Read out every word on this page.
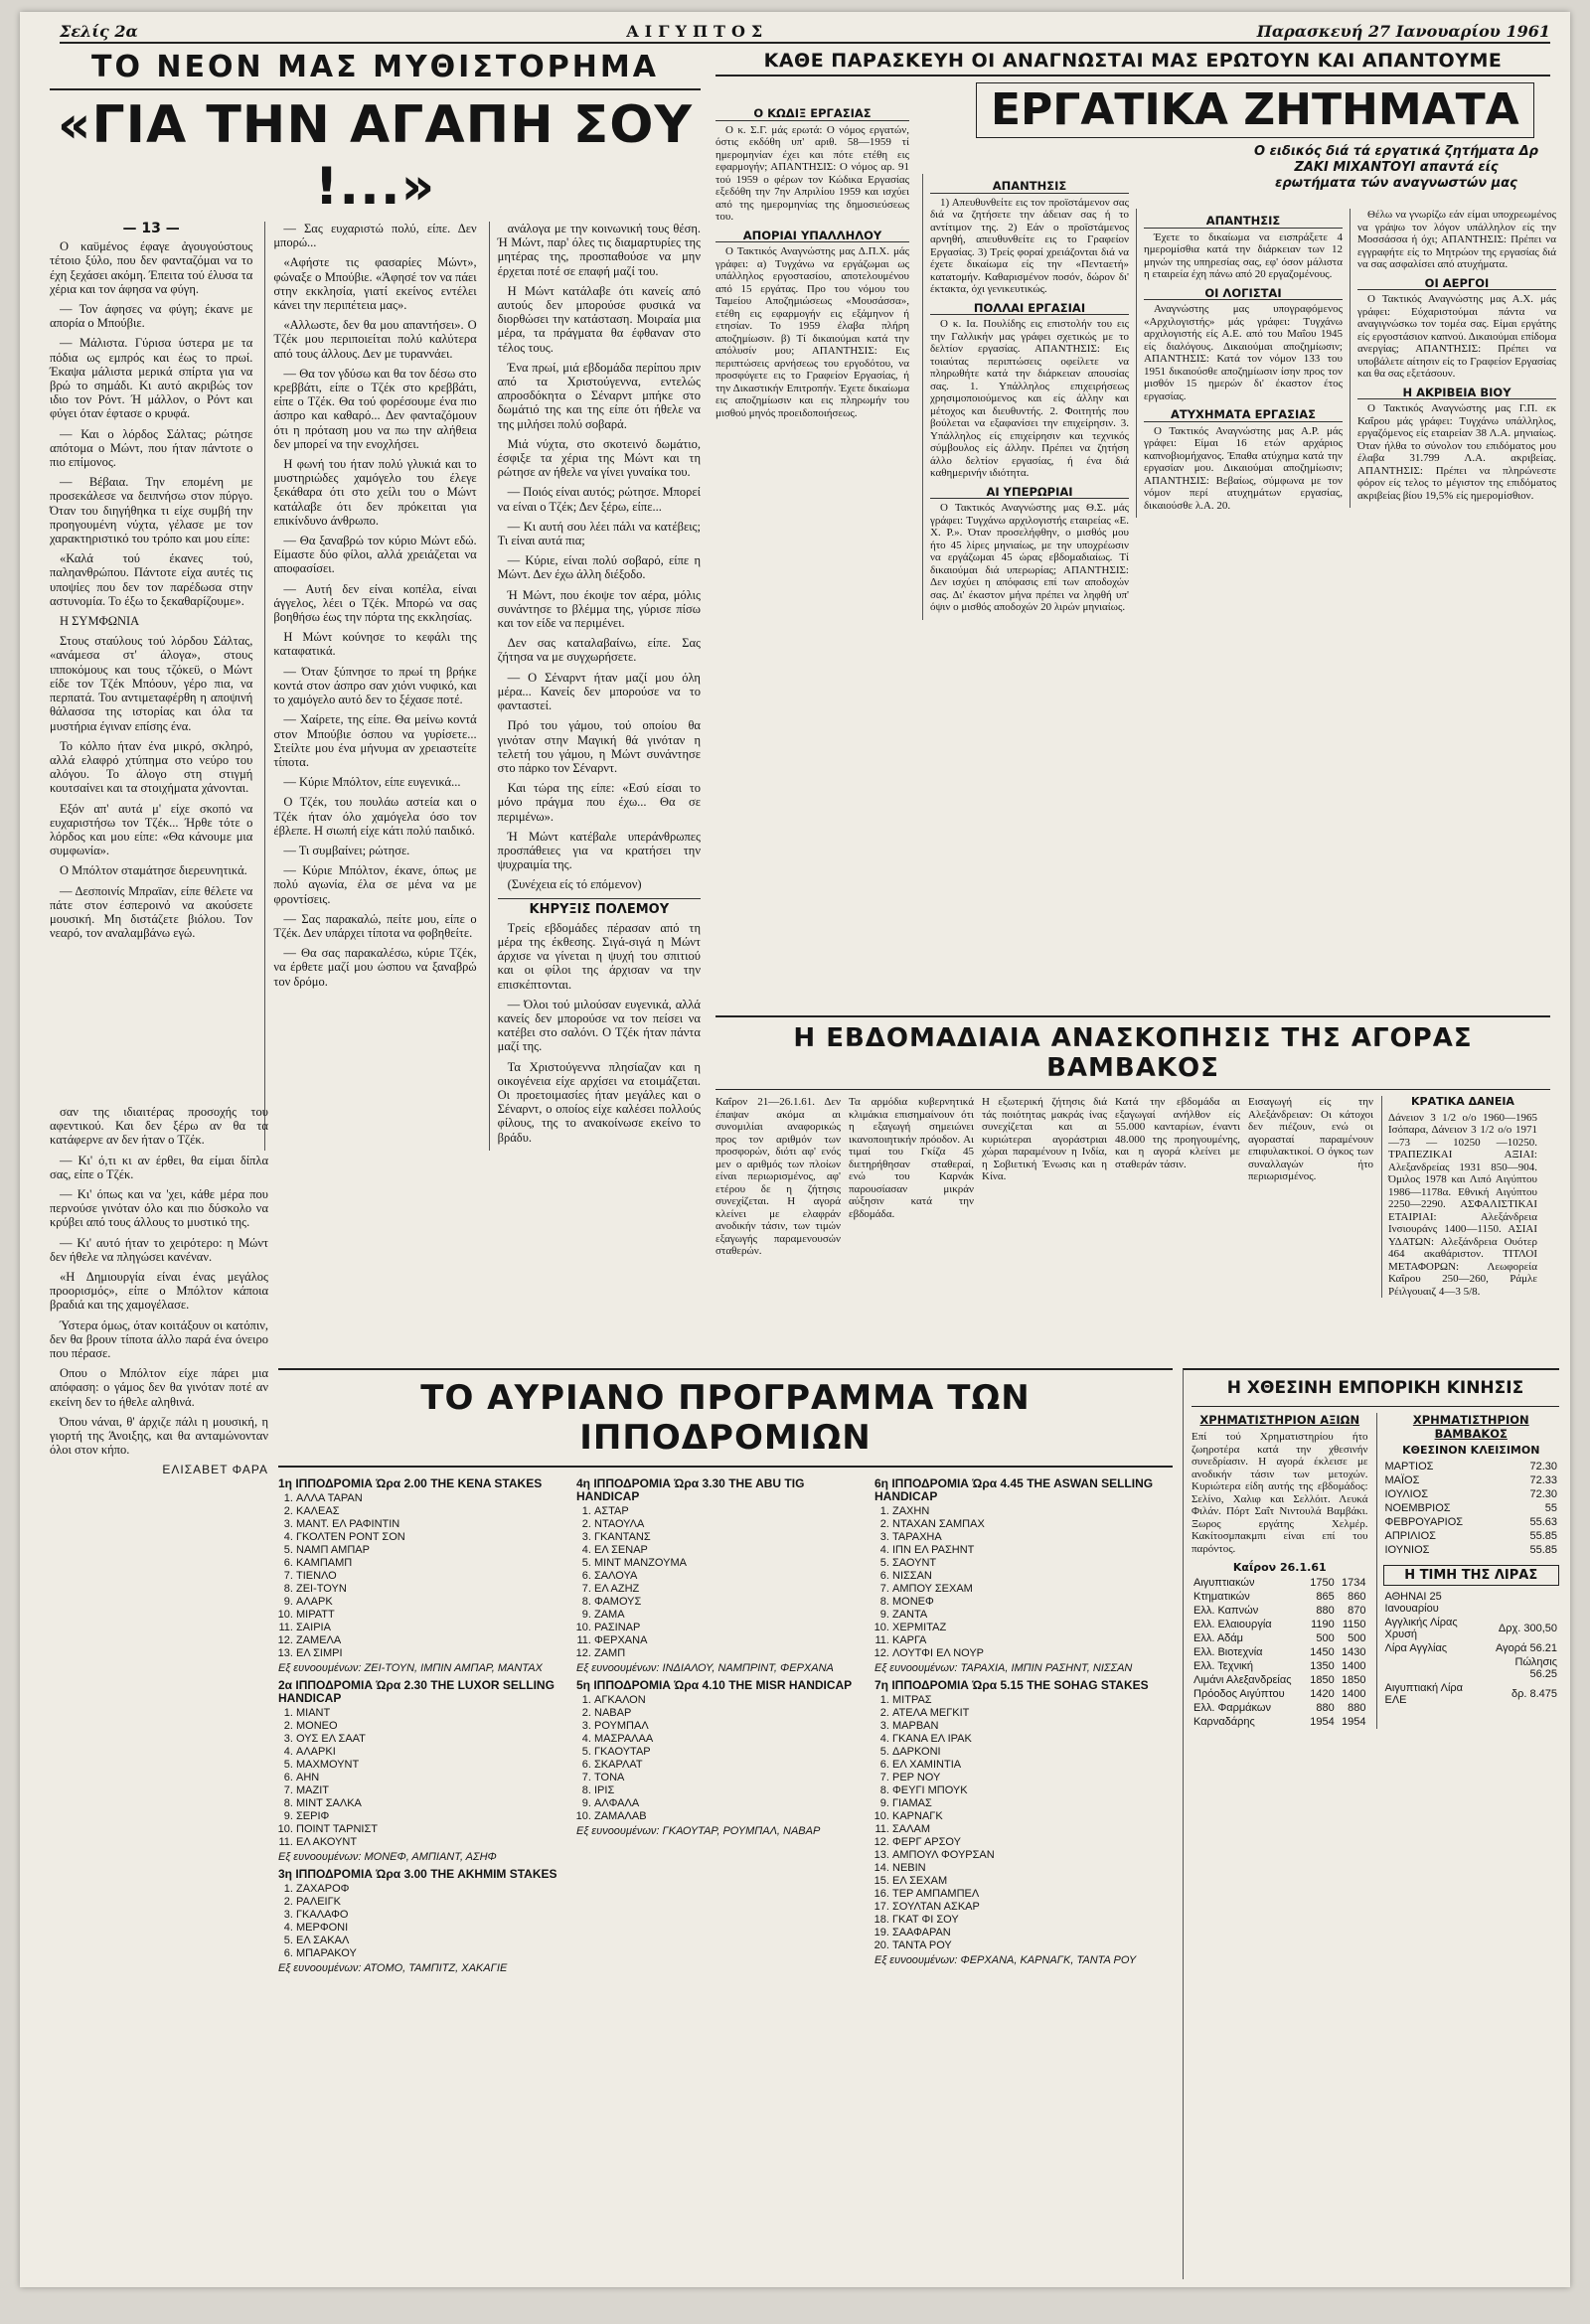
Σελίς 2α	ΑΙΓΥΠΤΟΣ	Παρασκευή 27 Ιανουαρίου 1961
ΤΟ ΝΕΟΝ ΜΑΣ ΜΥΘΙΣΤΟΡΗΜΑ
«ΓΙΑ ΤΗΝ ΑΓΑΠΗ ΣΟΥ !...»
— 13 —

Ο καϋμένος έφαγε ἀγουγούστους τέτοιο ξύλο, που δεν φανταζόμαι να το έχη ξεχάσει ακόμη. Έπειτα τού έλυσα τα χέρια και τον άφησα να φύγη.

— Τον άφησες να φύγη; έκανε με απορία ο Μπούβιε.

— Μάλιστα. Γύρισα ύστερα με τα πόδια ως εμπρός και έως το πρωί. Έκαψα μάλιστα μερικά σπίρτα για να βρώ το σημάδι. Κι αυτό ακριβώς τον ιδιο τον Ρόντ. Ή μάλλον, ο Ρόντ και φύγει όταν έφτασε ο κρυφά.

— Και ο λόρδος Σάλτας; ρώτησε απότομα ο Μώντ, που ήταν πάντοτε ο πιο επίμονος.

— Βέβαια. Την επομένη με προσεκάλεσε να δειπνήσω στον πύργο. Όταν του διηγήθηκα τι είχε συμβή την προηγουμένη νύχτα, γέλασε με τον χαρακτηριστικό του τρόπο και μου είπε:

«Καλά τού έκανες τού, παληανθρώπου. Πάντοτε είχα αυτές τις υποψίες που δεν τον παρέδωσα στην αστυνομία. Το έξω το ξεκαθαρίζουμε».

Η ΣΥΜΦΩΝΙΑ

Στους σταύλους τού λόρδου Σάλτας, «ανάμεσα στ' άλογα», στους ιπποκόμους και τους τζόκεϋ, ο Μώντ είδε τον Τζέκ Μπόουν, γέρο πια, να περπατά. Του αντιμεταφέρθη η αποψινή θάλασσα της ιστορίας και όλα τα μυστήρια έγιναν επίσης ένα.

Το κόλπο ήταν ένα μικρό, σκληρό, αλλά ελαφρό χτύπημα στο νεύρο του αλόγου. Το άλογο στη στιγμή κουτσαίνει και τα στοιχήματα χάνονται.

Εξόν απ' αυτά μ' είχε σκοπό να ευχαριστήσω τον Τζέκ... Ήρθε τότε ο λόρδος και μου είπε: «Θα κάνουμε μια συμφωνία».

Ο Μπόλτον σταμάτησε διερευνητικά.

— Δεσποινίς Μπραϊαν, είπε θέλετε να πάτε στον έσπεροινό να ακούσετε μουσική. Μη διστάζετε βιόλου. Τον νεαρό, τον αναλαμβάνω εγώ.

— Σας ευχαριστώ πολύ, είπε. Δεν μπορώ...

«Αφήστε τις φασαρίες Μώντ», φώναξε ο Μπούβιε. «Άφησέ τον να πάει στην εκκλησία, γιατί εκείνος εντέλει κάνει την περιπέτεια μας».

«Αλλωστε, δεν θα μου απαντήσει». Ο Τζέκ μου περιποιείται πολύ καλύτερα από τους άλλους. Δεν με τυραννάει.

— Θα τον γδύσω και θα τον δέσω στο κρεββάτι, είπε ο Τζέκ στο κρεββάτι, είπε ο Τζέκ. Θα τού φορέσουμε ένα πιο άσπρο και καθαρό... Δεν φανταζόμουν ότι η πρόταση μου να πω την αλήθεια δεν μπορεί να την ενοχλήσει.

Η φωνή του ήταν πολύ γλυκιά και το μυστηριώδες χαμόγελο του έλεγε ξεκάθαρα ότι στο χείλι του ο Μώντ κατάλαβε ότι δεν πρόκειται για επικίνδυνο άνθρωπο.

— Θα ξαναβρώ τον κύριο Μώντ εδώ. Είμαστε δύο φίλοι, αλλά χρειάζεται να αποφασίσει.

— Αυτή δεν είναι κοπέλα, είναι άγγελος, λέει ο Τζέκ. Μπορώ να σας βοηθήσω έως την πόρτα της εκκλησίας.

Η Μώντ κούνησε το κεφάλι της καταφατικά.

— Όταν ξύπνησε το πρωί τη βρήκε κοντά στον άσπρο σαν χιόνι νυφικό, και το χαμόγελο αυτό δεν το ξέχασε ποτέ.

— Χαίρετε, της είπε. Θα μείνω κοντά στον Μπούβιε όσπου να γυρίσετε... Στείλτε μου ένα μήνυμα αν χρειαστείτε τίποτα.

— Κύριε Μπόλτον, είπε ευγενικά...

Ο Τζέκ, του πουλάω αστεία και ο Τζέκ ήταν όλο χαμόγελα όσο τον έβλεπε. Η σιωπή είχε κάτι πολύ παιδικό.

— Τι συμβαίνει; ρώτησε.

— Κύριε Μπόλτον, έκανε, όπως με πολύ αγωνία, έλα σε μένα να με φροντίσεις.

— Σας παρακαλώ, πείτε μου, είπε ο Τζέκ. Δεν υπάρχει τίποτα να φοβηθείτε.

— Θα σας παρακαλέσω, κύριε Τζέκ, να έρθετε μαζί μου ώσπου να ξαναβρώ τον δρόμο.

ανάλογα με την κοινωνική τους θέση. Ή Μώντ, παρ' όλες τις διαμαρτυρίες της μητέρας της, προσπαθούσε να μην έρχεται ποτέ σε επαφή μαζί του.

Η Μώντ κατάλαβε ότι κανείς από αυτούς δεν μπορούσε φυσικά να διορθώσει την κατάσταση. Μοιραία μια μέρα, τα πράγματα θα έφθαναν στο τέλος τους.

Ένα πρωί, μιά εβδομάδα περίπου πριν από τα Χριστούγεννα, εντελώς απροσδόκητα ο Σέναρντ μπήκε στο δωμάτιό της και της είπε ότι ήθελε να της μιλήσει πολύ σοβαρά.

Μιά νύχτα, στο σκοτεινό δωμάτιο, έσφιξε τα χέρια της Μώντ και τη ρώτησε αν ήθελε να γίνει γυναίκα του.

— Ποιός είναι αυτός; ρώτησε. Μπορεί να είναι ο Τζέκ; Δεν ξέρω, είπε...

— Κι αυτή σου λέει πάλι να κατέβεις; Τι είναι αυτά πια;

— Κύριε, είναι πολύ σοβαρό, είπε η Μώντ. Δεν έχω άλλη διέξοδο.

Ή Μώντ, που έκοψε τον αέρα, μόλις συνάντησε το βλέμμα της, γύρισε πίσω και τον είδε να περιμένει.

Δεν σας καταλαβαίνω, είπε. Σας ζήτησα να με συγχωρήσετε.

— Ο Σέναρντ ήταν μαζί μου όλη μέρα... Κανείς δεν μπορούσε να το φανταστεί.

Πρό του γάμου, τού οποίου θα γινόταν στην Μαγική θά γινόταν η τελετή του γάμου, η Μώντ συνάντησε στο πάρκο τον Σέναρντ.

Και τώρα της είπε: «Εσύ είσαι το μόνο πράγμα που έχω... Θα σε περιμένω».

Ή Μώντ κατέβαλε υπεράνθρωπες προσπάθειες για να κρατήσει την ψυχραιμία της.

(Συνέχεια είς τό επόμενον)

ΚΗΡΥΞΙΣ ΠΟΛΕΜΟΥ

Τρείς εβδομάδες πέρασαν από τη μέρα της έκθεσης. Σιγά-σιγά η Μώντ άρχισε να γίνεται η ψυχή του σπιτιού και οι φίλοι της άρχισαν να την επισκέπτονται.

— Όλοι τού μιλούσαν ευγενικά, αλλά κανείς δεν μπορούσε να τον πείσει να κατέβει στο σαλόνι. Ο Τζέκ ήταν πάντα μαζί της.

Τα Χριστούγεννα πλησίαζαν και η οικογένεια είχε αρχίσει να ετοιμάζεται. Οι προετοιμασίες ήταν μεγάλες και ο Σέναρντ, ο οποίος είχε καλέσει πολλούς φίλους, της το ανακοίνωσε εκείνο το βράδυ.

σαν της ιδιαιτέρας προσοχής του αφεντικού. Και δεν ξέρω αν θα τα κατάφερνε αν δεν ήταν ο Τζέκ.

— Κι' ό,τι κι αν έρθει, θα είμαι δίπλα σας, είπε ο Τζέκ.

— Κι' όπως και να 'χει, κάθε μέρα που περνούσε γινόταν όλο και πιο δύσκολο να κρύβει από τους άλλους το μυστικό της.

— Κι' αυτό ήταν το χειρότερο: η Μώντ δεν ήθελε να πληγώσει κανέναν.

«Η Δημιουργία είναι ένας μεγάλος προορισμός», είπε ο Μπόλτον κάποια βραδιά και της χαμογέλασε.

Ύστερα όμως, όταν κοιτάξουν οι κατόπιν, δεν θα βρουν τίποτα άλλο παρά ένα όνειρο που πέρασε.

Οπου ο Μπόλτον είχε πάρει μια απόφαση: ο γάμος δεν θα γινόταν ποτέ αν εκείνη δεν το ήθελε αληθινά.

Όπου νάναι, θ' άρχιζε πάλι η μουσική, η γιορτή της Άνοιξης, και θα ανταμώνονταν όλοι στον κήπο.

ΕΛΙΣΑΒΕΤ ΦΑΡΑ
ΚΑΘΕ ΠΑΡΑΣΚΕΥΗ ΟΙ ΑΝΑΓΝΩΣΤΑΙ ΜΑΣ ΕΡΩΤΟΥΝ ΚΑΙ ΑΠΑΝΤΟΥΜΕ
ΕΡΓΑΤΙΚΑ ΖΗΤΗΜΑΤΑ
Ο ειδικός διά τά εργατικά ζητήματα Δρ ΖΑΚΙ ΜΙΧΑΝΤΟΥΙ απαντά είς ερωτήματα τών αναγνωστών μας
Ο ΚΩΔΙΞ ΕΡΓΑΣΙΑΣ

Ο κ. Σ.Γ. μάς ερωτά: Ο νόμος εργατών, όστις εκδόθη υπ' αριθ. 58—1959 τί ημερομηνίαν έχει και πότε ετέθη εις εφαρμογήν; ΑΠΑΝΤΗΣΙΣ: Ο νόμος αρ. 91 τού 1959 ο φέρων τον Κώδικα Εργασίας εξεδόθη την 7ην Απριλίου 1959 και ισχύει από της ημερομηνίας της δημοσιεύσεως του.

ΑΠΟΡΙΑΙ ΥΠΑΛΛΗΛΟΥ

Ο Τακτικός Αναγνώστης μας Δ.Π.Χ. μάς γράφει: α) Τυγχάνω να εργάζωμαι ως υπάλληλος εργοστασίου, αποτελουμένου από 15 εργάτας. Προ του νόμου του Ταμείου Αποζημιώσεως «Μουσάσσα», ετέθη εις εφαρμογήν εις εξάμηνον ή ετησίαν. Το 1959 έλαβα πλήρη αποζημίωσιν. β) Τί δικαιούμαι κατά την απόλυσίν μου; ΑΠΑΝΤΗΣΙΣ: Εις περιπτώσεις αρνήσεως του εργοδότου, να προσφύγετε εις το Γραφείον Εργασίας, ή την Δικαστικήν Επιτροπήν. Έχετε δικαίωμα εις αποζημίωσιν και εις πληρωμήν του μισθού μηνός προειδοποιήσεως.

ΑΠΑΝΤΗΣΙΣ

1) Απευθυνθείτε εις τον προϊστάμενον σας διά να ζητήσετε την άδειαν σας ή το αντίτιμον της. 2) Εάν ο προϊστάμενος αρνηθή, απευθυνθείτε εις το Γραφείον Εργασίας. 3) Τρείς φοραί χρειάζονται διά να έχετε δικαίωμα είς την «Πενταετή» κατατομήν. Καθαρισμένον ποσόν, δώρον δι' έκτακτα, όχι γενικευτικώς.

ΠΟΛΛΑΙ ΕΡΓΑΣΙΑΙ

Ο κ. Ια. Πουλίδης εις επιστολήν του εις την Γαλλικήν μας γράφει σχετικώς με το δελτίον εργασίας. ΑΠΑΝΤΗΣΙΣ: Εις τοιαύτας περιπτώσεις οφείλετε να πληρωθήτε κατά την διάρκειαν απουσίας σας. 1. Υπάλληλος επιχειρήσεως χρησιμοποιούμενος και είς άλλην και μέτοχος και διευθυντής. 2. Φοιτητής που βούλεται να εξαφανίσει την επιχείρησιν. 3. Υπάλληλος είς επιχείρησιν και τεχνικός σύμβουλος είς άλλην. Πρέπει να ζητήση άλλο δελτίον εργασίας, ή ένα διά καθημερινήν ιδιότητα.

ΑΙ ΥΠΕΡΩΡΙΑΙ

Ο Τακτικός Αναγνώστης μας Θ.Σ. μάς γράφει: Τυγχάνω αρχιλογιστής εταιρείας «Ε. Χ. Ρ.». Όταν προσελήφθην, ο μισθός μου ήτο 45 λίρες μηνιαίως, με την υποχρέωσιν να εργάζωμαι 45 ώρας εβδομαδιαίως. Τί δικαιούμαι διά υπερωρίας; ΑΠΑΝΤΗΣΙΣ: Δεν ισχύει η απόφασις επί των αποδοχών σας. Δι' έκαστον μήνα πρέπει να ληφθή υπ' όψιν ο μισθός αποδοχών 20 λιρών μηνιαίως.

ΑΠΑΝΤΗΣΙΣ

Έχετε το δικαίωμα να εισπράξετε 4 ημερομίσθια κατά την διάρκειαν των 12 μηνών της υπηρεσίας σας, εφ' όσον μάλιστα η εταιρεία έχη πάνω από 20 εργαζομένους.

ΟΙ ΛΟΓΙΣΤΑΙ

Αναγνώστης μας υπογραφόμενος «Αρχιλογιστής» μάς γράφει: Τυγχάνω αρχιλογιστής είς Α.Ε. από του Μαΐου 1945 είς διαλόγους. Δικαιούμαι αποζημίωσιν; ΑΠΑΝΤΗΣΙΣ: Κατά τον νόμον 133 του 1951 δικαιούσθε αποζημίωσιν ίσην προς τον μισθόν 15 ημερών δι' έκαστον έτος εργασίας.

ΑΤΥΧΗΜΑΤΑ ΕΡΓΑΣΙΑΣ

Ο Τακτικός Αναγνώστης μας Α.Ρ. μάς γράφει: Είμαι 16 ετών αρχάριος καπνοβιομήχανος. Έπαθα ατύχημα κατά την εργασίαν μου. Δικαιούμαι αποζημίωσιν; ΑΠΑΝΤΗΣΙΣ: Βεβαίως, σύμφωνα με τον νόμον περί ατυχημάτων εργασίας, δικαιούσθε λ.Α. 20.

Θέλω να γνωρίζω εάν είμαι υποχρεωμένος να γράψω τον λόγον υπάλληλον είς την Μοσσάσσα ή όχι; ΑΠΑΝΤΗΣΙΣ: Πρέπει να εγγραφήτε είς το Μητρώον της εργασίας διά να σας ασφαλίσει από ατυχήματα.

ΟΙ ΑΕΡΓΟΙ

Ο Τακτικός Αναγνώστης μας Α.Χ. μάς γράφει: Εύχαριστούμαι πάντα να αναγιγνώσκω τον τομέα σας. Είμαι εργάτης είς εργοστάσιον καπνού. Δικαιούμαι επίδομα ανεργίας; ΑΠΑΝΤΗΣΙΣ: Πρέπει να υποβάλετε αίτησιν είς το Γραφείον Εργασίας και θα σας εξετάσουν.

Η ΑΚΡΙΒΕΙΑ ΒΙΟΥ

Ο Τακτικός Αναγνώστης μας Γ.Π. εκ Καΐρου μάς γράφει: Τυγχάνω υπάλληλος, εργαζόμενος είς εταιρείαν 38 Λ.Α. μηνιαίως. Όταν ήλθα το σύνολον του επιδόματος μου έλαβα 31.799 Λ.Α. ακριβείας. ΑΠΑΝΤΗΣΙΣ: Πρέπει να πληρώνεστε φόρον είς τελος το μέγιστον της επιδόματος ακριβείας βίου 19,5% είς ημερομίσθιον.

Η ΕΒΔΟΜΑΔΙΑΙΑ ΑΝΑΣΚΟΠΗΣΙΣ ΤΗΣ ΑΓΟΡΑΣ ΒΑΜΒΑΚΟΣ
Καΐρον 21—26.1.61. Δεν έπαψαν ακόμα αι συνομιλίαι αναφορικώς προς τον αριθμόν των προσφορών, διότι αφ' ενός μεν ο αριθμός των πλοίων είναι περιωρισμένος, αφ' ετέρου δε η ζήτησις συνεχίζεται. Η αγορά κλείνει με ελαφράν ανοδικήν τάσιν, των τιμών εξαγωγής παραμενουσών σταθερών.
Τα αρμόδια κυβερνητικά κλιμάκια επισημαίνουν ότι η εξαγωγή σημειώνει ικανοποιητικήν πρόοδον. Αι τιμαί του Γκίζα 45 διετηρήθησαν σταθεραί, ενώ του Καρνάκ παρουσίασαν μικράν αύξησιν κατά την εβδομάδα.
Η εξωτερική ζήτησις διά τάς ποιότητας μακράς ίνας συνεχίζεται και αι κυριώτεραι αγοράστριαι χώραι παραμένουν η Ινδία, η Σοβιετική Ένωσις και η Κίνα.
Κατά την εβδομάδα αι εξαγωγαί ανήλθον είς 55.000 κανταρίων, έναντι 48.000 της προηγουμένης, και η αγορά κλείνει με σταθεράν τάσιν.
Εισαγωγή είς την Αλεξάνδρειαν: Οι κάτοχοι δεν πιέζουν, ενώ οι αγορασταί παραμένουν επιφυλακτικοί. Ο όγκος των συναλλαγών ήτο περιωρισμένος.
ΚΡΑΤΙΚΑ ΔΑΝΕΙΑ
Δάνειον 3 1/2 ο/ο 1960—1965 Ισόπαρα, Δάνειον 3 1/2 ο/ο 1971—73 — 10250 —10250. ΤΡΑΠΕΖΙΚΑΙ ΑΞΙΑΙ: Αλεξανδρείας 1931 850—904. Όμιλος 1978 και Λιπό Αιγύπτου 1986—1178α. Εθνική Αιγύπτου 2250—2290. ΑΣΦΑΛΙΣΤΙΚΑΙ ΕΤΑΙΡΙΑΙ: Αλεξάνδρεια Ινσιουράνς 1400—1150. ΑΣΙΑΙ ΥΔΑΤΩΝ: Αλεξάνδρεια Ουότερ 464 ακαθάριστον. ΤΙΤΛΟΙ ΜΕΤΑΦΟΡΩΝ: Λεωφορεία Καΐρου 250—260, Ράμλε Ρέιλγουαιζ 4—3 5/8.
ΤΟ ΑΥΡΙΑΝΟ ΠΡΟΓΡΑΜΜΑ ΤΩΝ ΙΠΠΟΔΡΟΜΙΩΝ
1η ΙΠΠΟΔΡΟΜΙΑ Ώρα 2.00 THE KENA STAKES
1. ΑΛΛΑ ΤΑΡΑΝ
2. ΚΑΛΕΑΣ
3. ΜΑΝΤ. ΕΛ ΡΑΦΙΝΤΙΝ
4. ΓΚΟΛΤΕΝ ΡΟΝΤ ΣΟΝ
5. ΝΑΜΠ ΑΜΠΑΡ
6. ΚΑΜΠΑΜΠ
7. ΤΙΕΝΛΟ
8. ΖΕΙ-ΤΟΥΝ
9. ΑΛΑΡΚ
10. ΜΙΡΑΤΤ
11. ΣΑΙΡΙΑ
12. ΖΑΜΕΛΑ
13. ΕΛ ΣΙΜΡΙ
Εξ ευνοουμένων: ΖΕΙ-ΤΟΥΝ, ΙΜΠΙΝ ΑΜΠΑΡ, ΜΑΝΤΑΧ
2α ΙΠΠΟΔΡΟΜΙΑ Ώρα 2.30 THE LUXOR SELLING HANDICAP
1. ΜΙΑΝΤ
2. ΜΟΝΕΟ
3. ΟΥΣ ΕΛ ΣΑΑΤ
4. ΑΛΑΡΚΙ
5. ΜΑΧΜΟΥΝΤ
6. ΑΗΝ
7. ΜΑΖΙΤ
8. ΜΙΝΤ ΣΑΛΚΑ
9. ΣΕΡΙΦ
10. ΠΟΙΝΤ ΤΑΡΝΙΣΤ
11. ΕΛ ΑΚΟΥΝΤ
Εξ ευνοουμένων: ΜΟΝΕΦ, ΑΜΠΙΑΝΤ, ΑΣΗΦ
3η ΙΠΠΟΔΡΟΜΙΑ Ώρα 3.00 THE AKHMIM STAKES
1. ΖΑΧΑΡΟΦ
2. ΡΑΛΕΙΓΚ
3. ΓΚΑΛΑΦΟ
4. ΜΕΡΦΟΝΙ
5. ΕΛ ΣΑΚΑΛ
6. ΜΠΑΡΑΚΟΥ
Εξ ευνοουμένων: ΑΤΟΜΟ, ΤΑΜΠΙΤΖ, ΧΑΚΑΓΙΕ
4η ΙΠΠΟΔΡΟΜΙΑ Ώρα 3.30 THE ABU TIG HANDICAP
1. ΑΣΤΑΡ
2. ΝΤΑΟΥΛΑ
3. ΓΚΑΝΤΑΝΣ
4. ΕΛ ΣΕΝΑΡ
5. ΜΙΝΤ ΜΑΝΖΟΥΜΑ
6. ΣΑΛΟΥΑ
7. ΕΛ ΑΖΗΖ
8. ΦΑΜΟΥΣ
9. ΖΑΜΑ
10. ΡΑΣΙΝΑΡ
11. ΦΕΡΧΑΝΑ
12. ΖΑΜΠ
Εξ ευνοουμένων: ΙΝΔΙΑΛΟΥ, ΝΑΜΠΡΙΝΤ, ΦΕΡΧΑΝΑ
5η ΙΠΠΟΔΡΟΜΙΑ Ώρα 4.10 THE MISR HANDICAP
1. ΑΓΚΑΛΟΝ
2. ΝΑΒΑΡ
3. ΡΟΥΜΠΑΛ
4. ΜΑΣΡΑΛΑΑ
5. ΓΚΑΟΥΤΑΡ
6. ΣΚΑΡΛΑΤ
7. ΤΟΝΑ
8. ΙΡΙΣ
9. ΑΛΦΑΛΑ
10. ΖΑΜΑΛΑΒ
Εξ ευνοουμένων: ΓΚΑΟΥΤΑΡ, ΡΟΥΜΠΑΛ, ΝΑΒΑΡ
6η ΙΠΠΟΔΡΟΜΙΑ Ώρα 4.45 THE ASWAN SELLING HANDICAP
1. ΖΑΧΗΝ
2. ΝΤΑΧΑΝ ΣΑΜΠΑΧ
3. ΤΑΡΑΧΗΑ
4. ΙΠΝ ΕΛ ΡΑΣΗΝΤ
5. ΣΑΟΥΝΤ
6. ΝΙΣΣΑΝ
7. ΑΜΠΟΥ ΣΕΧΑΜ
8. ΜΟΝΕΦ
9. ΖΑΝΤΑ
10. ΧΕΡΜΙΤΑΖ
11. ΚΑΡΓΑ
12. ΛΟΥΤΦΙ ΕΛ ΝΟΥΡ
Εξ ευνοουμένων: ΤΑΡΑΧΙΑ, ΙΜΠΙΝ ΡΑΣΗΝΤ, ΝΙΣΣΑΝ
7η ΙΠΠΟΔΡΟΜΙΑ Ώρα 5.15 THE SOHAG STAKES
1. ΜΙΤΡΑΣ
2. ΑΤΕΛΑ ΜΕΓΚΙΤ
3. ΜΑΡΒΑΝ
4. ΓΚΑΝΑ ΕΛ ΙΡΑΚ
5. ΔΑΡΚΟΝΙ
6. ΕΛ ΧΑΜΙΝΤΙΑ
7. ΡΕΡ ΝΟΥ
8. ΦΕΥΓΙ ΜΠΟΥΚ
9. ΓΙΑΜΑΣ
10. ΚΑΡΝΑΓΚ
11. ΣΑΛΑΜ
12. ΦΕΡΓ ΑΡΣΟΥ
13. ΑΜΠΟΥΛ ΦΟΥΡΣΑΝ
14. ΝΕΒΙΝ
15. ΕΛ ΣΕΧΑΜ
16. ΤΕΡ ΑΜΠΑΜΠΕΛ
17. ΣΟΥΛΤΑΝ ΑΣΚΑΡ
18. ΓΚΑΤ ΦΙ ΣΟΥ
19. ΣΑΑΦΑΡΑΝ
20. ΤΑΝΤΑ ΡΟΥ
Εξ ευνοουμένων: ΦΕΡΧΑΝΑ, ΚΑΡΝΑΓΚ, ΤΑΝΤΑ ΡΟΥ
Η ΧΘΕΣΙΝΗ ΕΜΠΟΡΙΚΗ ΚΙΝΗΣΙΣ
ΧΡΗΜΑΤΙΣΤΗΡΙΟΝ ΑΞΙΩΝ
Επί τού Χρηματιστηρίου ήτο ζωηροτέρα κατά την χθεσινήν συνεδρίασιν. Η αγορά έκλεισε με ανοδικήν τάσιν των μετοχών. Κυριώτερα είδη αυτής της εβδομάδος: Σελίνο, Χαλιφ και Σελλόιτ. Λευκά Φιλάν. Πόρτ Σαΐτ Νιντουλά Βαμβάκι. Ξωρος εργάτης Χελμέρ. Κακίτοσμπακμπι είναι επί του παρόντος.
Καΐρον 26.1.61
Αιγυπτιακών	1750	1734
Κτηματικών	865	860
Ελλ. Καπνών	880	870
Ελλ. Ελαιουργία	1190	1150
Ελλ. Αδάμ	500	500
Ελλ. Βιοτεχνία	1450	1430
Ελλ. Τεχνική	1350	1400
Λιμάνι Αλεξανδρείας	1850	1850
Πρόοδος Αιγύπτου	1420	1400
Ελλ. Φαρμάκων	880	880
Καρναδάρης	1954	1954
ΧΡΗΜΑΤΙΣΤΗΡΙΟΝ ΒΑΜΒΑΚΟΣ
ΚΘΕΣΙΝΟΝ ΚΛΕΙΣΙΜΟΝ
ΜΑΡΤΙΟΣ	72.30
ΜΑΪΟΣ	72.33
ΙΟΥΛΙΟΣ	72.30
ΝΟΕΜΒΡΙΟΣ	55
ΦΕΒΡΟΥΑΡΙΟΣ	55.63
ΑΠΡΙΛΙΟΣ	55.85
ΙΟΥΝΙΟΣ	55.85
Η ΤΙΜΗ ΤΗΣ ΛΙΡΑΣ
ΑΘΗΝΑΙ 25 Ιανουαρίου	
Αγγλικής Λίρας Χρυσή	Δρχ. 300,50
Λίρα Αγγλίας	Αγορά 56.21
	Πώλησις 56.25
Αιγυπτιακή Λίρα ΕΛΕ	δρ. 8.475
